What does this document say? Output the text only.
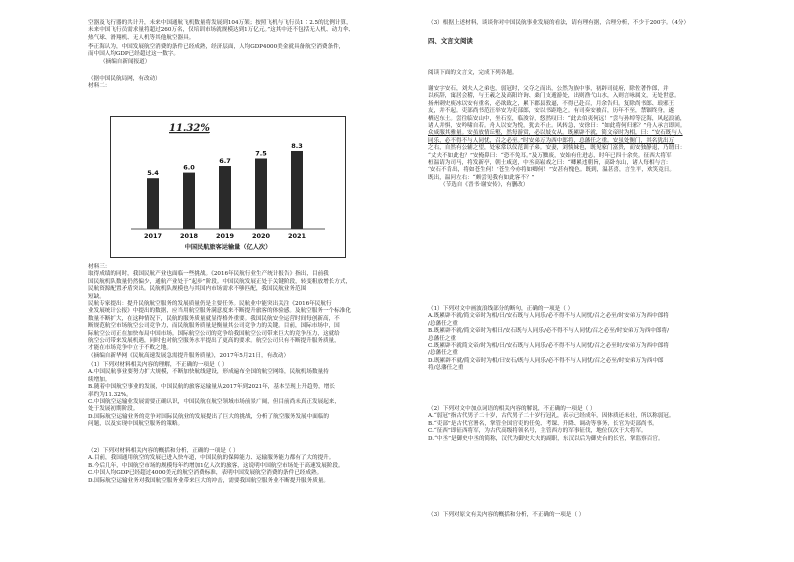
空器及飞行器的共计升，未来中国通航飞机数量将发展到104万架；按照飞机与飞行员1∶2.5的比例计算，
未来中国飞行员需求量将超过260万名，仅培训市场就规模达到1万亿元。”这其中还不包括无人机、动力伞、
热气球、滑翔机、无人机等其他航空器具。
李正海认为，中国发展航空消费的条件已经成熟，经济层面，人均GDP4000美金就具备航空消费条件，
而中国人均GDP已经超过这一数字。
（摘编自新闻报道）
（据中国民航局网，有改动）
材料二：
5.4
2017
6.0
2018
6.7
2019
7.5
2020
8.3
2021
11.32%
中国民航旅客运输量（亿人次）
材料三：
取得成绩的同时，我国民航产业也面临一些挑战。《2016年民航行业生产统计报告》指出，目前我
国民航机队数量仍然偏少，通航产业处于“起步”阶段。中国民航发展正处于关键阶段，转变粗放增长方式，
民航资源配置矛盾突出。民航机队规模也与其国内市场需求不够匹配，我国民航业务范围
短缺。
民航专家提出：提升民航航空服务的发展质量仍是主要任务。民航业中能突出关注《2016年民航行
业发展统计公报》中提出的数据，应当用航空服务满意度来不断提升旅客的体验感。及航空服务一个标准化
数量不断扩大，在这种情况下，民航的服务质量就显得格外重要。我国民航安全运营时间每创新高，不
断规范航空市场航空公司竞争力，而民航服务质量是衡量其公司竞争力的关键。目前，国际市场中，国
际航空公司正在加快布局中国市场。国际航空公司的竞争给我国航空公司带来巨大的竞争压力，这就给
航空公司带来发展机遇，同时也对航空服务水平提出了更高的要求。航空公司只有不断提升服务质量，
才能在市场竞争中立于不败之地。
（摘编自新华网《民航高速发展急需提升服务质量》，2017年5月21日，有改动）
（1）下列对材料相关内容的理解，不正确的一项是（ ）
A.中国民航事业要努力扩大规模，不断加快航线建设，形成遍布全国的航空网络，民航机场数量持
续增加。
B.随着中国航空事业的发展，中国民航的旅客运输量从2017年到2021年，基本呈现上升趋势，增长
率约为11.32%。
C.中国航空运输业发展需要正确认识，中国民航在航空领域市场前景广阔，但目前尚未真正发展起来，
处于发展初期阶段。
D.国际航空运输业务的竞争对国际民航业的发展提出了巨大的挑战，分析了航空服务发展中面临的
问题，以及实现中国航空服务的策略。
（2）下列对材料相关内容的概括和分析，正确的一项是（ ）
A.目前，我国通用航空的发展已进入快车道，中国民航的保障能力、运输服务能力都有了大的提升。
B.今后几年，中国航空市场的规模每年约增加1亿人次的旅客，这说明中国航空市场处于高速发展阶段。
C.中国人均GDP已经超过4000美元的航空消费标准，表明中国发展航空消费的条件已经成熟。
D.国际航空运输业务对我国航空服务业带来巨大的冲击，需要我国航空服务业不断提升服务质量。
（3）根据上述材料，谈谈你对中国民航事业发展的看法，请有理有据，合理分析，不少于200字。（4分）
四、文言文阅读
阅读下面的文言文，完成下列各题。
谢安字安石，刘夫人之弟也，弱冠时，父夺之而出，公然为族中事，初辟司徒府，除佐著作郎，并
以疾辞，寓居会稽，与王羲之及高阳许询、桑门支遁游处，出则渔弋山水，入则言咏属文，无处世意。
扬州刺史庾冰以安有重名，必欲致之，累下郡县敦逼，不得已赴召，月余告归。复除尚书郎、琅邪王
友，并不起。吏部尚书范汪举安为吏部郎，安以书距绝之。有司奏安被召，历年不至，禁锢终身，遂
栖迟东土。尝往临安山中，坐石室，临浚谷，悠然叹曰：“此去伯夷何远！”尝与孙绰等泛海，风起浪涌，
诸人并惧，安吟啸自若。舟人以安为悦，犹去不止。风转急，安徐曰：“如此将何归邪？”舟人承言即回。
众咸服其雅量。安虽放情丘壑，然每游赏，必以妓女从。既累辟不就，简文帝时为相，曰：“安石既与人
同乐，必不得不与人同忧，召之必至。”时安弟万为西中郎将，总藩任之重。安虽处衡门，其名犹出万
之右，自然有公辅之望，处家常以仪范训子弟。安妻，刘惔妹也，既见家门富贵，而安独静退，乃谓曰：
“丈夫不如此也？”安掩鼻曰：“恐不免耳。”及万黜废，安始有仕进志，时年已四十余矣。征西大将军
桓温请为司马，将发新亭，朝士咸送，中丞高崧戏之曰：“卿累违朝旨，高卧东山，诸人每相与言：
‘安石不肯出，将如苍生何！’苍生今亦将如卿何！”安甚有愧色。既到，温甚喜，言生平，欢笑竟日。
既出，温问左右：“颇尝见我有如此客不？”
（节选自《晋书·谢安传》，有删改）
（1）下列对文中画波浪线部分的断句，正确的一项是（ ）
A.既累辟不就/简文帝时为相/曰/安石既与人同乐/必不得不与人同忧/召之必至/时安弟万为西中郎将
/总藩任之重
B.既累辟不就/简文帝时为相曰/安石既与人同乐/必不得不与人同忧/召之必至/时安弟万为西中郎将/
总藩任之重
C.既累辟不就简文帝/时为相/曰/安石既与人同乐/必不得不与人同忧/召之必至时/安弟万为西中郎将
/总藩任之重
D.既累辟不就/简文帝时为相/曰安石/既与人同乐/必不得不与人同忧/召之必至/时安弟万为西中郎
将/总藩任之重
（2）下列对文中加点词语的相关内容的解说，不正确的一项是（ ）
A.“弱冠”指古代男子二十岁，古代男子二十岁行冠礼，表示已经成年，因体质还未壮，所以称弱冠。
B.“吏部”是古代官署名，掌管全国官吏的任免、考课、升降、调动等事务，长官为吏部尚书。
C.“征西”即征西将军，为古代高级将领名号，主管西方的军事征伐，地位仅次于大将军。
D.“中丞”是御史中丞的简称，汉代为御史大夫的副职，东汉以后为御史台的长官，掌监察百官。
（3）下列对原文有关内容的概括和分析，不正确的一项是（ ）
